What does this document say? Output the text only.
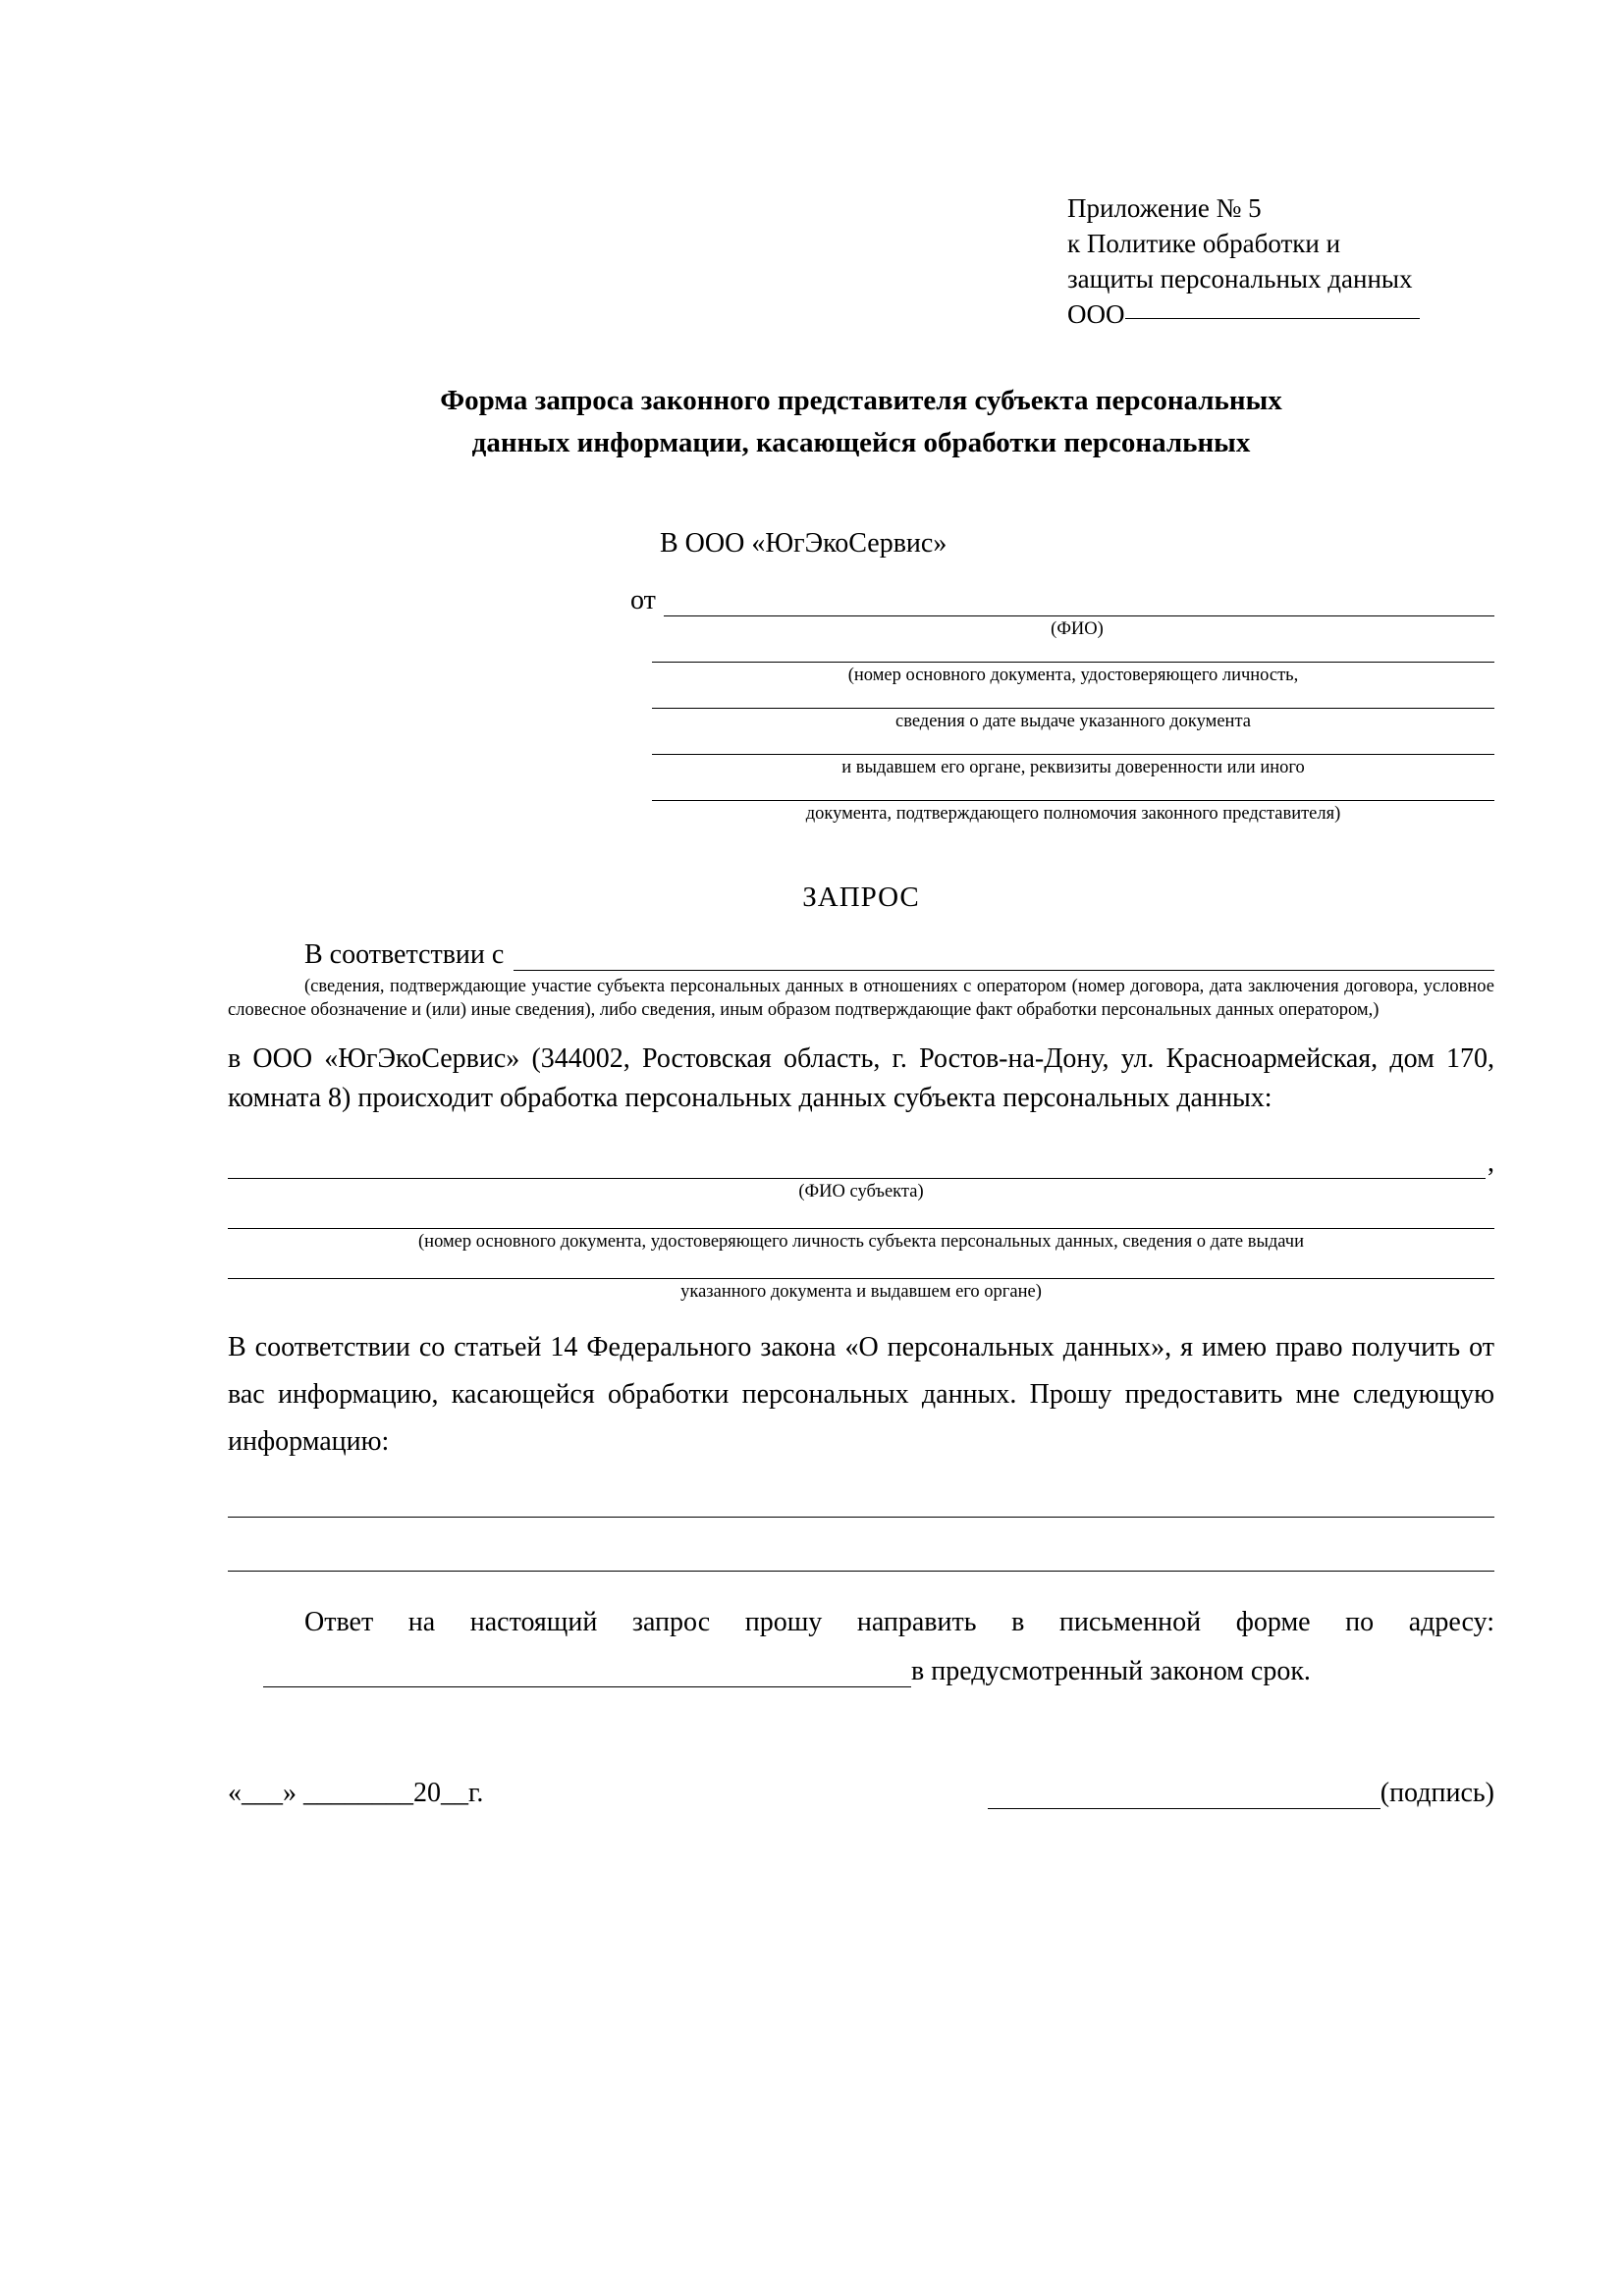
Приложение № 5
к Политике обработки и
защиты персональных данных
ООО
Форма запроса законного представителя субъекта персональных
данных информации, касающейся обработки персональных
В ООО «ЮгЭкоСервис»
от
(ФИО)
(номер основного документа, удостоверяющего личность,
сведения о дате выдаче указанного документа
и выдавшем его органе, реквизиты доверенности или иного
документа, подтверждающего полномочия законного представителя)
ЗАПРОС
В соответствии с
(сведения, подтверждающие участие субъекта персональных данных в отношениях с оператором (номер договора, дата заключения договора, условное словесное обозначение и (или) иные сведения), либо сведения, иным образом подтверждающие факт обработки персональных данных оператором,)
в ООО «ЮгЭкоСервис» (344002, Ростовская область, г. Ростов-на-Дону, ул. Красноармейская, дом 170, комната 8) происходит обработка персональных данных субъекта персональных данных:
,
(ФИО субъекта)
(номер основного документа, удостоверяющего личность субъекта персональных данных, сведения о дате выдачи
указанного документа и выдавшем его органе)
В соответствии со статьей 14 Федерального закона «О персональных данных», я имею право получить от вас информацию, касающейся обработки персональных данных. Прошу предоставить мне следующую информацию:
Ответ на настоящий запрос прошу направить в письменной форме по адресу:
в предусмотренный законом срок.
«___» ________20__г.	(подпись)
